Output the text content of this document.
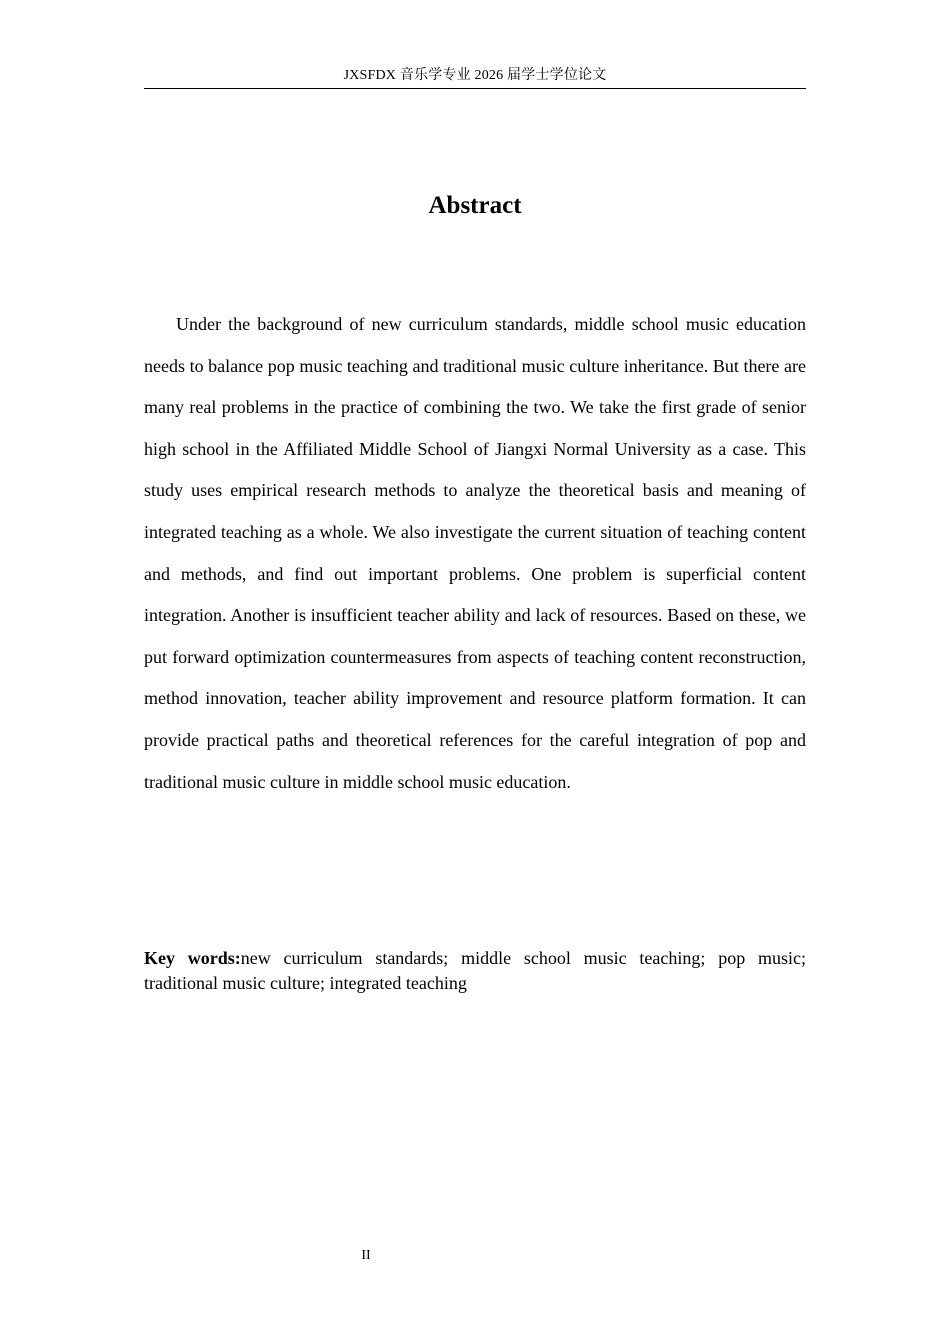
JXSFDX 音乐学专业 2026 届学士学位论文
Abstract

Under the background of new curriculum standards, middle school music education needs to balance pop music teaching and traditional music culture inheritance. But there are many real problems in the practice of combining the two. We take the first grade of senior high school in the Affiliated Middle School of Jiangxi Normal University as a case. This study uses empirical research methods to analyze the theoretical basis and meaning of integrated teaching as a whole. We also investigate the current situation of teaching content and methods, and find out important problems. One problem is superficial content integration. Another is insufficient teacher ability and lack of resources. Based on these, we put forward optimization countermeasures from aspects of teaching content reconstruction, method innovation, teacher ability improvement and resource platform formation. It can provide practical paths and theoretical references for the careful integration of pop and traditional music culture in middle school music education.

Key words:new curriculum standards; middle school music teaching; pop music; traditional music culture; integrated teaching

II
